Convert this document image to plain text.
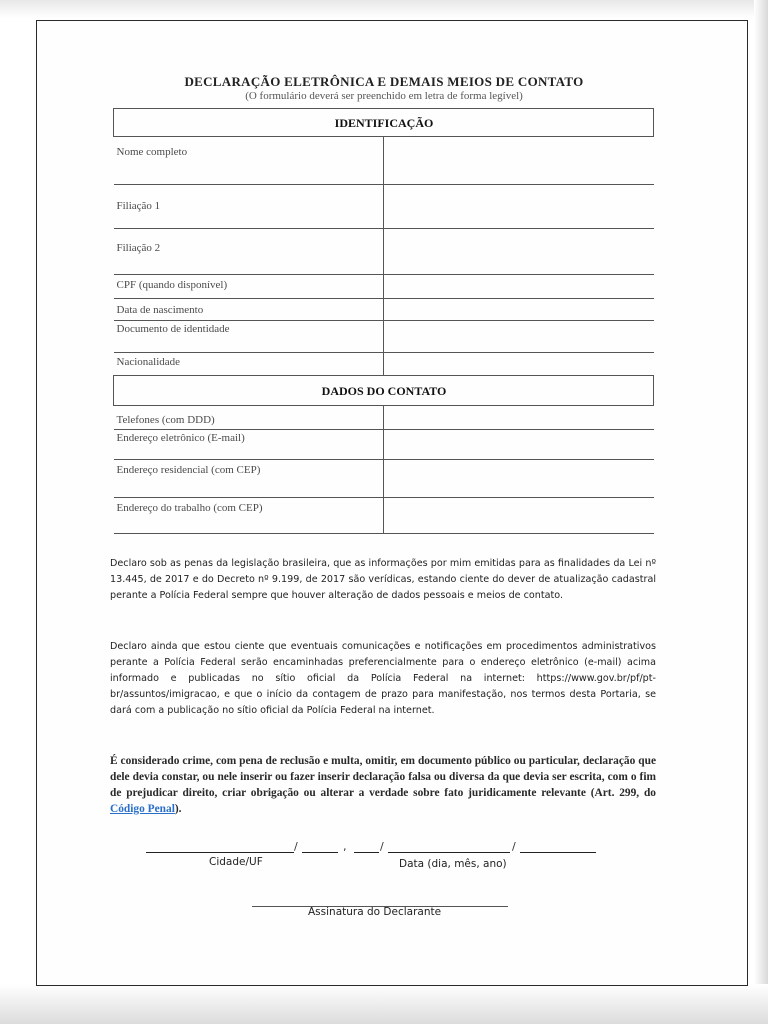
DECLARAÇÃO ELETRÔNICA E DEMAIS MEIOS DE CONTATO

(O formulário deverá ser preenchido em letra de forma legível)

IDENTIFICAÇÃO	
Nome completo	
Filiação 1	
Filiação 2	
CPF (quando disponível)	
Data de nascimento	
Documento de identidade	
Nacionalidade	
DADOS DO CONTATO	
Telefones (com DDD)	
Endereço eletrônico (E-mail)	
Endereço residencial (com CEP)	
Endereço do trabalho (com CEP)	

Declaro sob as penas da legislação brasileira, que as informações por mim emitidas para as finalidades da Lei nº 13.445, de 2017 e do Decreto nº 9.199, de 2017 são verídicas, estando ciente do dever de atualização cadastral perante a Polícia Federal sempre que houver alteração de dados pessoais e meios de contato.

Declaro ainda que estou ciente que eventuais comunicações e notificações em procedimentos administrativos perante a Polícia Federal serão encaminhadas preferencialmente para o endereço eletrônico (e-mail) acima informado e publicadas no sítio oficial da Polícia Federal na internet: https://www.gov.br/pf/pt-br/assuntos/imigracao, e que o início da contagem de prazo para manifestação, nos termos desta Portaria, se dará com a publicação no sítio oficial da Polícia Federal na internet.

É considerado crime, com pena de reclusão e multa, omitir, em documento público ou particular, declaração que dele devia constar, ou nele inserir ou fazer inserir declaração falsa ou diversa da que devia ser escrita, com o fim de prejudicar direito, criar obrigação ou alterar a verdade sobre fato juridicamente relevante (Art. 299, do Código Penal).

/	,	/	/
Cidade/UF	Data (dia, mês, ano)
Assinatura do Declarante
